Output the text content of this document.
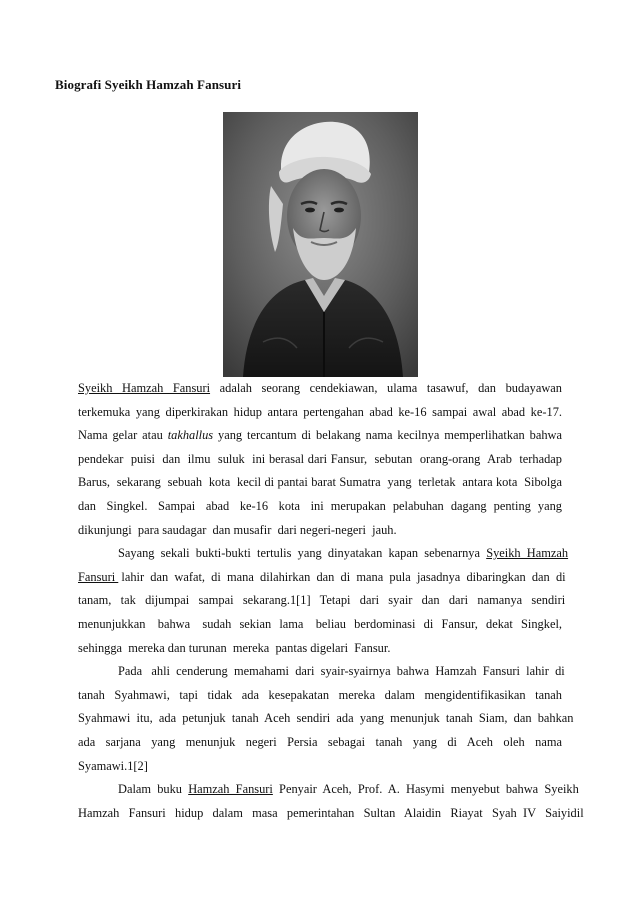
Biografi Syeikh Hamzah Fansuri
Syeikh  Hamzah  Fansuri  adalah  seorang  cendekiawan,  ulama  tasawuf,  dan  budayawan
terkemuka yang diperkirakan hidup antara pertengahan abad ke-16 sampai awal abad ke-17.
Nama gelar atau takhallus yang tercantum di belakang nama kecilnya memperlihatkan bahwa
pendekar  puisi  dan  ilmu  suluk  ini berasal dari Fansur,  sebutan  orang-orang  Arab  terhadap
Barus,  sekarang  sebuah  kota  kecil di pantai barat Sumatra  yang  terletak  antara kota  Sibolga
dan   Singkel.   Sampai   abad   ke-16   kota   ini  merupakan  pelabuhan  dagang  penting  yang
dikunjungi  para saudagar  dan musafir  dari negeri-negeri  jauh.
Sayang  sekali  bukti-bukti  tertulis  yang  dinyatakan  kapan  sebenarnya  Syeikh  Hamzah
Fansuri  lahir  dan  wafat,  di  mana  dilahirkan  dan  di  mana  pula  jasadnya  dibaringkan  dan  di
tanam,   tak   dijumpai   sampai   sekarang.1[1]   Tetapi   dari   syair   dan   dari   namanya   sendiri
menunjukkan   bahwa   sudah  sekian  lama   beliau  berdominasi  di  Fansur,  dekat  Singkel,
sehingga  mereka dan turunan  mereka  pantas digelari  Fansur.
Pada   ahli  cenderung  memahami  dari  syair-syairnya  bahwa  Hamzah  Fansuri  lahir  di
tanah   Syahmawi,   tapi   tidak   ada   kesepakatan   mereka   dalam   mengidentifikasikan   tanah
Syahmawi  itu,  ada  petunjuk  tanah  Aceh  sendiri  ada  yang  menunjuk  tanah  Siam,  dan  bahkan
ada   sarjana   yang   menunjuk   negeri   Persia   sebagai   tanah   yang   di   Aceh   oleh   nama
Syamawi.1[2]
Dalam  buku  Hamzah  Fansuri  Penyair  Aceh,  Prof.  A.  Hasymi  menyebut  bahwa  Syeikh
Hamzah   Fansuri   hidup   dalam   masa   pemerintahan   Sultan   Alaidin   Riayat   Syah  IV   Saiyidil
